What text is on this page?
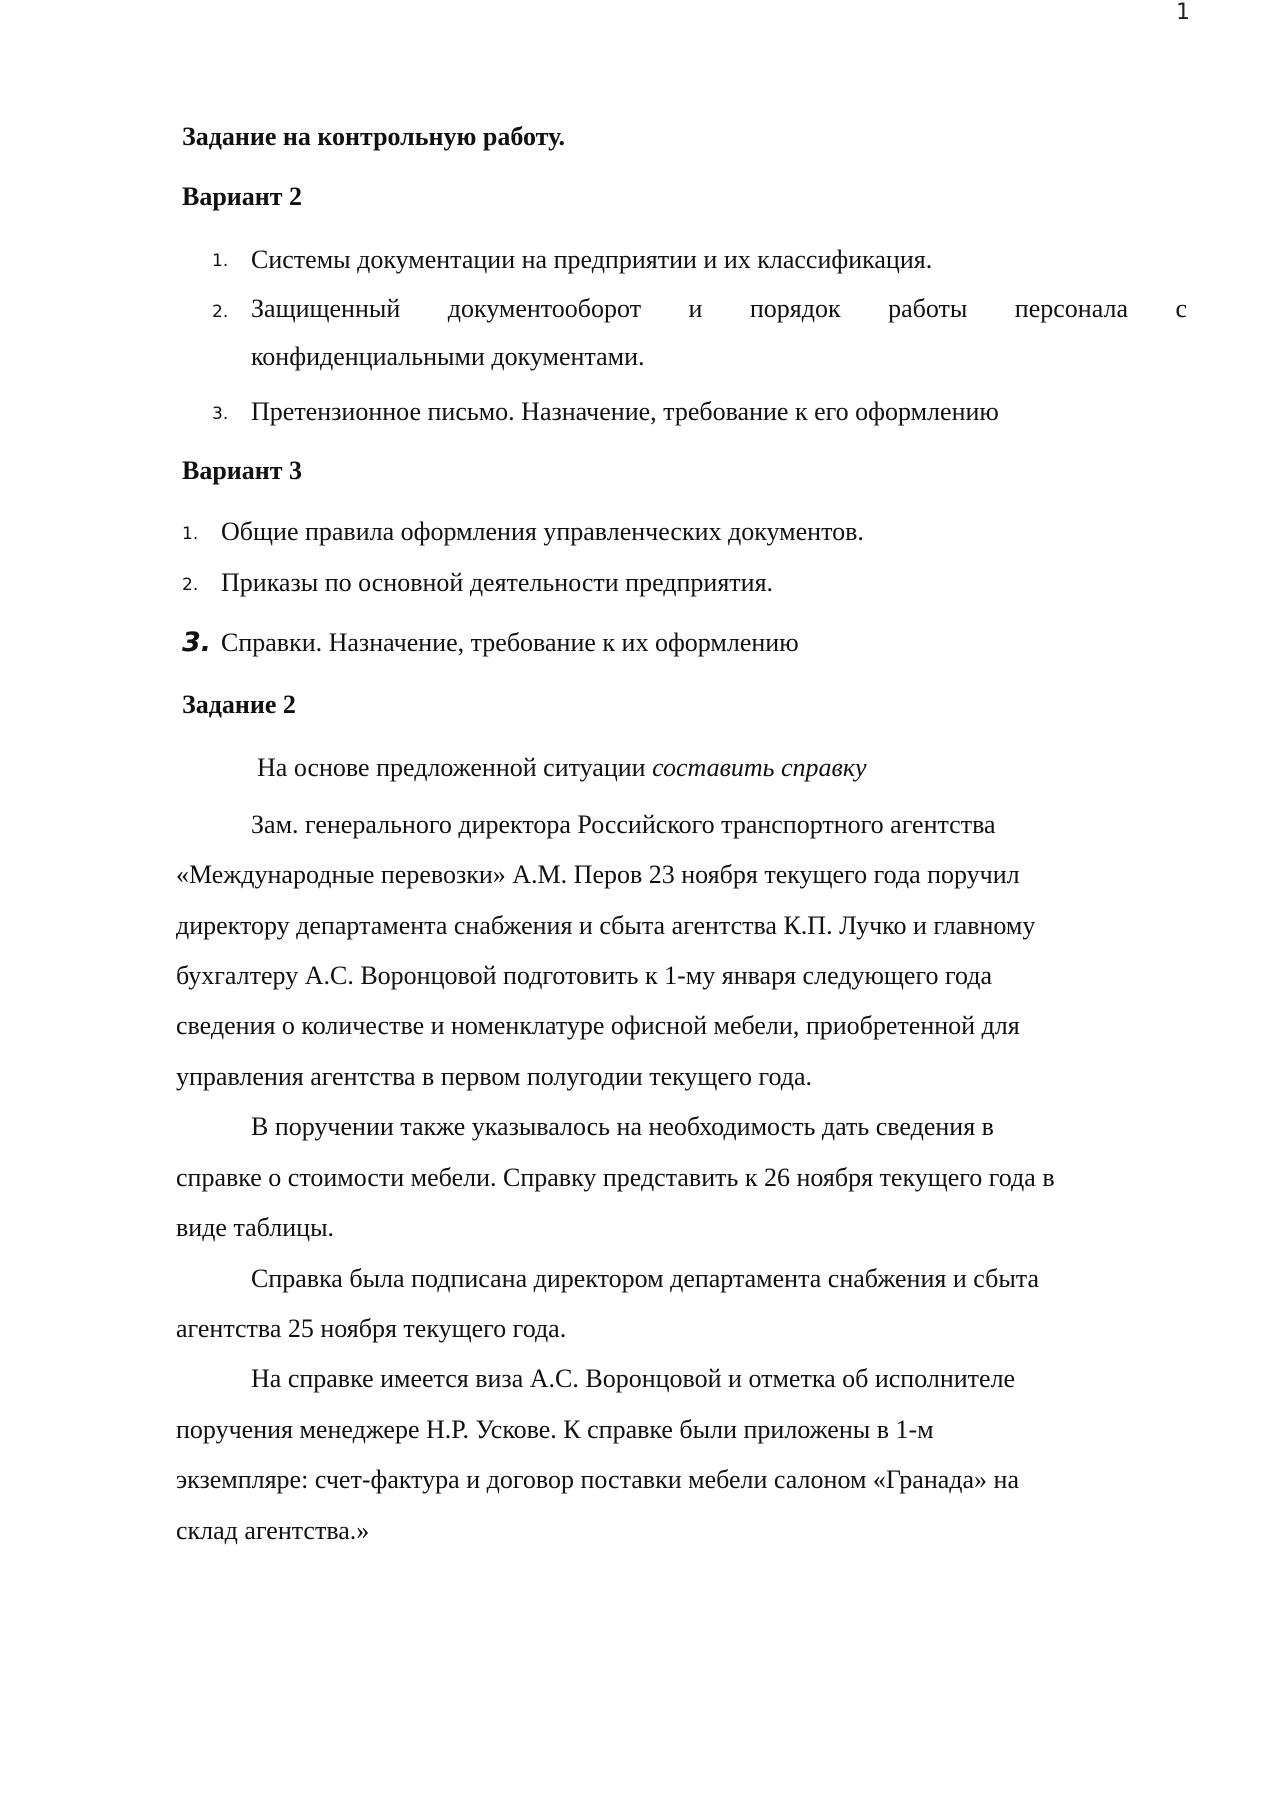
1
Задание на контрольную работу.
Вариант 2
1. Системы документации на предприятии и их классификация.
2. Защищенный документооборот и порядок работы персонала с
конфиденциальными документами.
3. Претензионное письмо. Назначение, требование к его оформлению
Вариант 3
1. Общие правила оформления управленческих документов.
2. Приказы по основной деятельности предприятия.
3. Справки. Назначение, требование к их оформлению
Задание 2
На основе предложенной ситуации составить справку
Зам. генерального директора Российского транспортного агентства
«Международные перевозки» А.М. Перов 23 ноября текущего года поручил
директору департамента снабжения и сбыта агентства К.П. Лучко и главному
бухгалтеру А.С. Воронцовой подготовить к 1-му января следующего года
сведения о количестве и номенклатуре офисной мебели, приобретенной для
управления агентства в первом полугодии текущего года.
В поручении также указывалось на необходимость дать сведения в
справке о стоимости мебели. Справку представить к 26 ноября текущего года в
виде таблицы.
Справка была подписана директором департамента снабжения и сбыта
агентства 25 ноября текущего года.
На справке имеется виза А.С. Воронцовой и отметка об исполнителе
поручения менеджере Н.Р. Ускове. К справке были приложены в 1-м
экземпляре: счет-фактура и договор поставки мебели салоном «Гранада» на
склад агентства.»
